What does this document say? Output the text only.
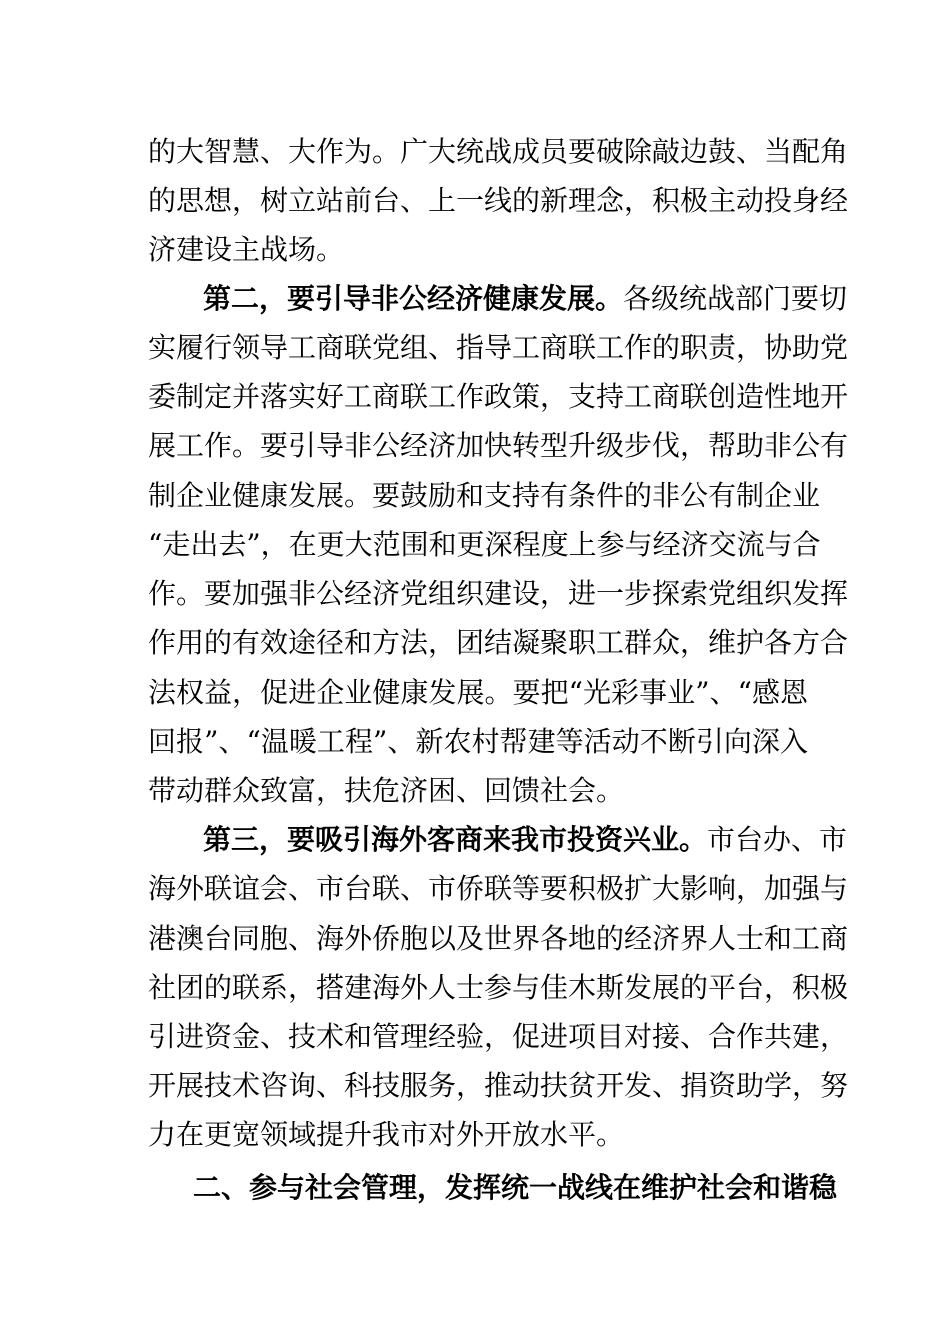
的大智慧、大作为。广大统战成员要破除敲边鼓、当配角
的思想，树立站前台、上一线的新理念，积极主动投身经
济建设主战场。
第二，要引导非公经济健康发展。各级统战部门要切
实履行领导工商联党组、指导工商联工作的职责，协助党
委制定并落实好工商联工作政策，支持工商联创造性地开
展工作。要引导非公经济加快转型升级步伐，帮助非公有
制企业健康发展。要鼓励和支持有条件的非公有制企业
“走出去”，在更大范围和更深程度上参与经济交流与合
作。要加强非公经济党组织建设，进一步探索党组织发挥
作用的有效途径和方法，团结凝聚职工群众，维护各方合
法权益，促进企业健康发展。要把“光彩事业”、“感恩
回报”、“温暖工程”、新农村帮建等活动不断引向深入
带动群众致富，扶危济困、回馈社会。
第三，要吸引海外客商来我市投资兴业。市台办、市
海外联谊会、市台联、市侨联等要积极扩大影响，加强与
港澳台同胞、海外侨胞以及世界各地的经济界人士和工商
社团的联系，搭建海外人士参与佳木斯发展的平台，积极
引进资金、技术和管理经验，促进项目对接、合作共建，
开展技术咨询、科技服务，推动扶贫开发、捐资助学，努
力在更宽领域提升我市对外开放水平。
二、参与社会管理，发挥统一战线在维护社会和谐稳
